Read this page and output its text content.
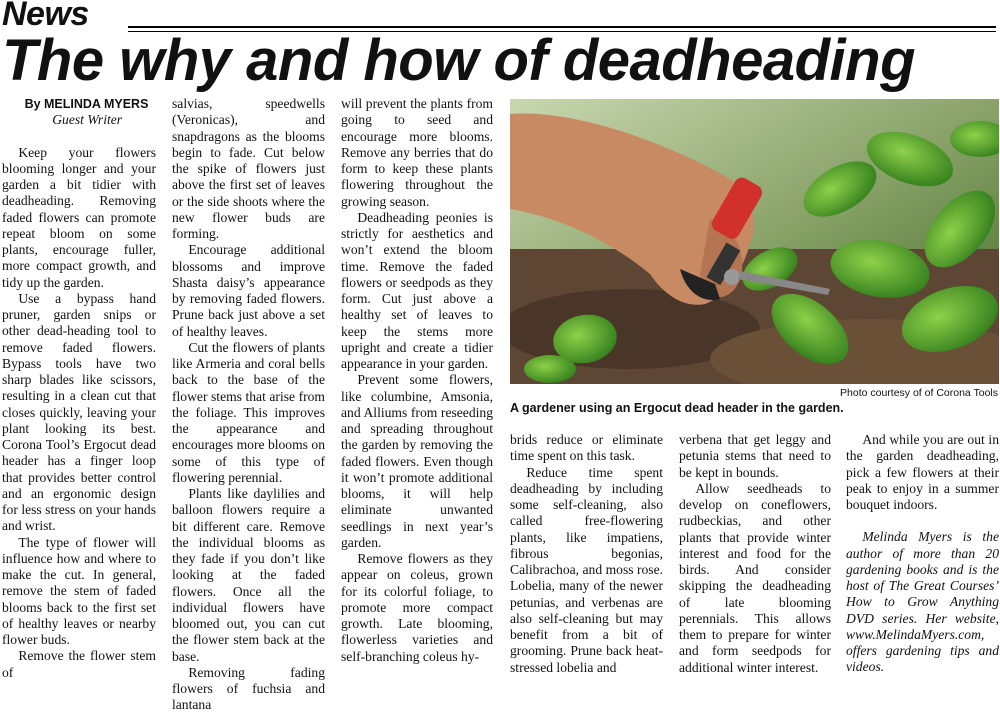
News
The why and how of deadheading

By MELINDA MYERS

Guest Writer

Keep your flowers blooming longer and your garden a bit tidier with deadheading. Removing faded flowers can promote repeat bloom on some plants, encourage fuller, more compact growth, and tidy up the garden.

Use a bypass hand pruner, garden snips or other dead-heading tool to remove faded flowers. Bypass tools have two sharp blades like scissors, resulting in a clean cut that closes quickly, leaving your plant looking its best. Corona Tool’s Ergocut dead header has a finger loop that provides better control and an ergonomic design for less stress on your hands and wrist.

The type of flower will influence how and where to make the cut. In general, remove the stem of faded blooms back to the first set of healthy leaves or nearby flower buds.

Remove the flower stem of

salvias, speedwells (Veronicas), and snapdragons as the blooms begin to fade. Cut below the spike of flowers just above the first set of leaves or the side shoots where the new flower buds are forming.

Encourage additional blossoms and improve Shasta daisy’s appearance by removing faded flowers. Prune back just above a set of healthy leaves.

Cut the flowers of plants like Armeria and coral bells back to the base of the flower stems that arise from the foliage. This improves the appearance and encourages more blooms on some of this type of flowering perennial.

Plants like daylilies and balloon flowers require a bit different care. Remove the individual blooms as they fade if you don’t like looking at the faded flowers. Once all the individual flowers have bloomed out, you can cut the flower stem back at the base.

Removing fading flowers of fuchsia and lantana

will prevent the plants from going to seed and encourage more blooms. Remove any berries that do form to keep these plants flowering throughout the growing season.

Deadheading peonies is strictly for aesthetics and won’t extend the bloom time. Remove the faded flowers or seedpods as they form. Cut just above a healthy set of leaves to keep the stems more upright and create a tidier appearance in your garden.

Prevent some flowers, like columbine, Amsonia, and Alliums from reseeding and spreading throughout the garden by removing the faded flowers. Even though it won’t promote additional blooms, it will help eliminate unwanted seedlings in next year’s garden.

Remove flowers as they appear on coleus, grown for its colorful foliage, to promote more compact growth. Late blooming, flowerless varieties and self-branching coleus hy-

Photo courtesy of of Corona Tools
A gardener using an Ergocut dead header in the garden.

brids reduce or eliminate time spent on this task.

Reduce time spent deadheading by including some self-cleaning, also called free-flowering plants, like impatiens, fibrous begonias, Calibrachoa, and moss rose. Lobelia, many of the newer petunias, and verbenas are also self-cleaning but may benefit from a bit of grooming. Prune back heat-stressed lobelia and

verbena that get leggy and petunia stems that need to be kept in bounds.

Allow seedheads to develop on coneflowers, rudbeckias, and other plants that provide winter interest and food for the birds. And consider skipping the deadheading of late blooming perennials. This allows them to prepare for winter and form seedpods for additional winter interest.

And while you are out in the garden deadheading, pick a few flowers at their peak to enjoy in a summer bouquet indoors.

Melinda Myers is the author of more than 20 gardening books and is the host of The Great Courses’ How to Grow Anything DVD series. Her website, www.MelindaMyers.com, offers gardening tips and videos.
